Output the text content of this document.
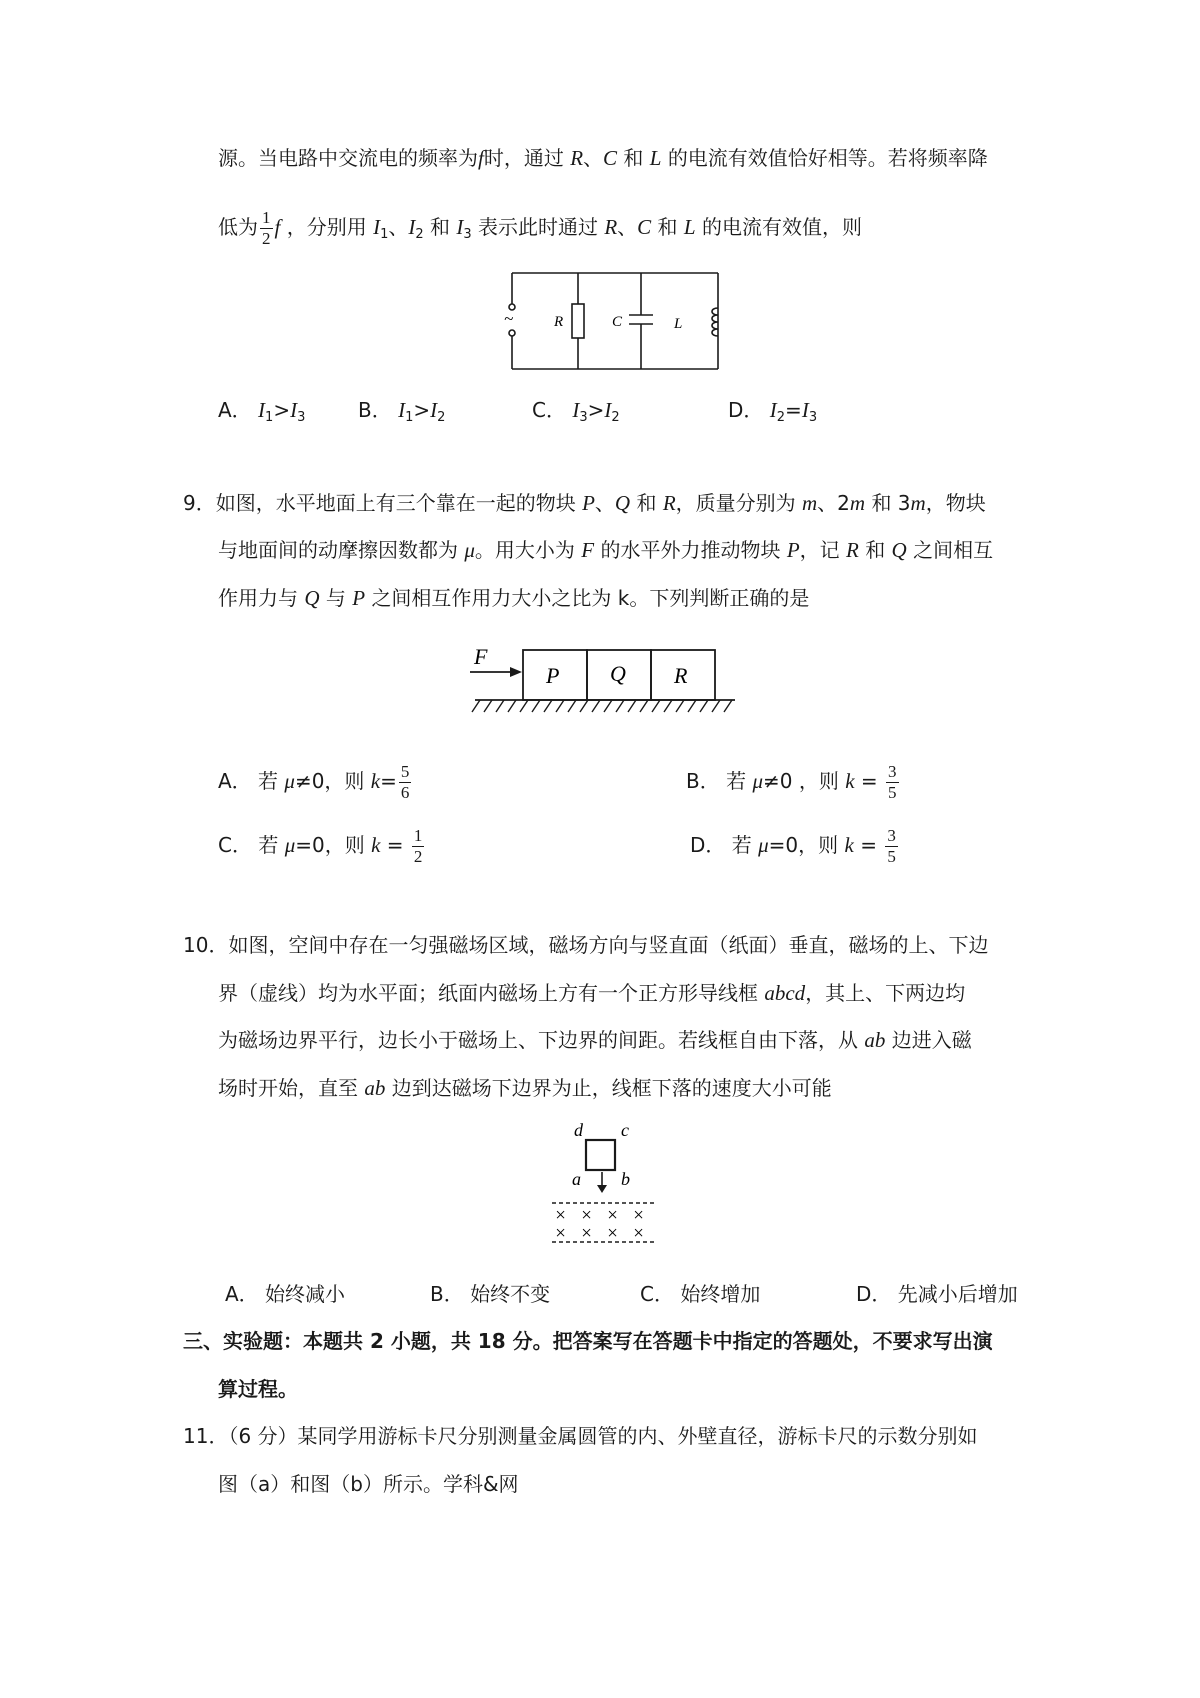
源。当电路中交流电的频率为f时，通过 R、C 和 L 的电流有效值恰好相等。若将频率降
低为 $\frac{1}{2}$ f ，分别用 $I_1$、$I_2$ 和 $I_3$ 表示此时通过 R、C 和 L 的电流有效值，则
~	R	C	L
A． $I_1>I_3$	B． $I_1>I_2$	C． $I_3>I_2$	D． $I_2=I_3$
9．如图，水平地面上有三个靠在一起的物块 P、Q 和 R，质量分别为 m、2m 和 3m，物块
与地面间的动摩擦因数都为 μ。用大小为 F 的水平外力推动物块 P，记 R 和 Q 之间相互
作用力与 Q 与 P 之间相互作用力大小之比为 k。下列判断正确的是
F
P Q R
A． 若 μ≠0，则 $k= \frac{5}{6}$	B． 若 μ≠0 ，则 $k = \frac{3}{5}$
C． 若 μ=0，则 $k = \frac{1}{2}$	D． 若 μ=0，则 $k = \frac{3}{5}$
10．如图，空间中存在一匀强磁场区域，磁场方向与竖直面（纸面）垂直，磁场的上、下边
界（虚线）均为水平面；纸面内磁场上方有一个正方形导线框 abcd，其上、下两边均
为磁场边界平行，边长小于磁场上、下边界的间距。若线框自由下落，从 ab 边进入磁
场时开始，直至 ab 边到达磁场下边界为止，线框下落的速度大小可能
d c
a b
× × × ×
× × × ×
A． 始终减小	B． 始终不变	C． 始终增加	D． 先减小后增加
三、实验题：本题共 2 小题，共 18 分。把答案写在答题卡中指定的答题处，不要求写出演
算过程。
11．（6 分）某同学用游标卡尺分别测量金属圆管的内、外壁直径，游标卡尺的示数分别如
图（a）和图（b）所示。学科&网
